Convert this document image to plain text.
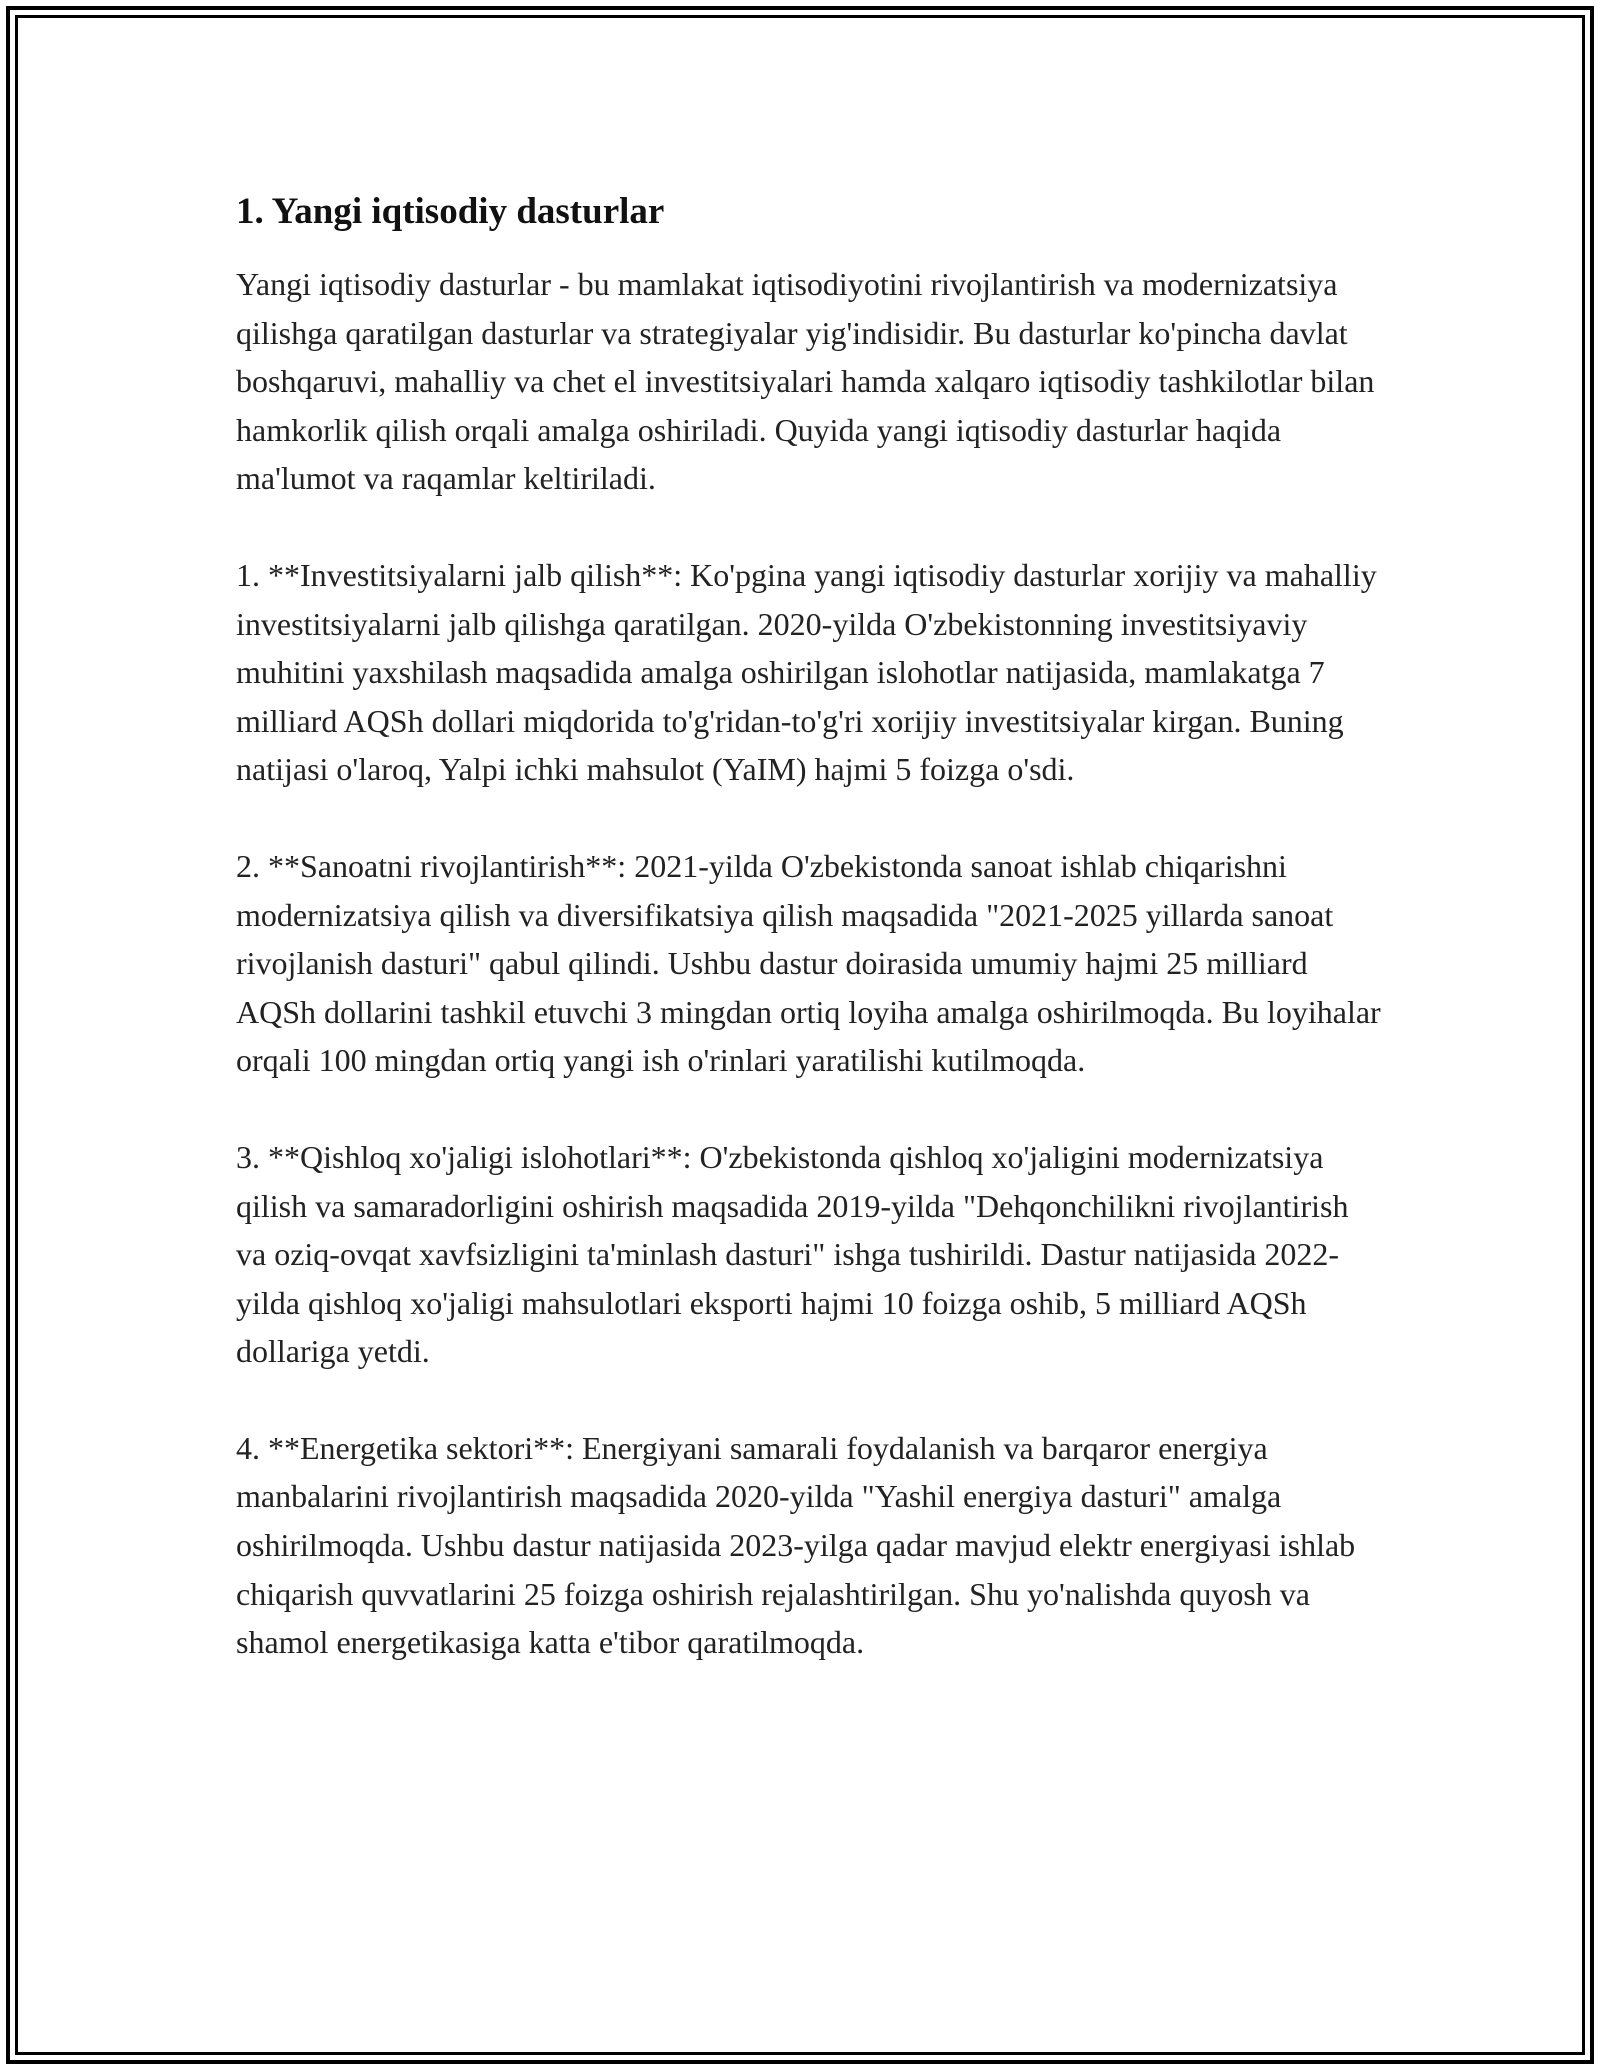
1. Yangi iqtisodiy dasturlar

Yangi iqtisodiy dasturlar - bu mamlakat iqtisodiyotini rivojlantirish va modernizatsiya qilishga qaratilgan dasturlar va strategiyalar yig'indisidir. Bu dasturlar ko'pincha davlat boshqaruvi, mahalliy va chet el investitsiyalari hamda xalqaro iqtisodiy tashkilotlar bilan hamkorlik qilish orqali amalga oshiriladi. Quyida yangi iqtisodiy dasturlar haqida ma'lumot va raqamlar keltiriladi.

1. **Investitsiyalarni jalb qilish**: Ko'pgina yangi iqtisodiy dasturlar xorijiy va mahalliy investitsiyalarni jalb qilishga qaratilgan. 2020-yilda O'zbekistonning investitsiyaviy muhitini yaxshilash maqsadida amalga oshirilgan islohotlar natijasida, mamlakatga 7 milliard AQSh dollari miqdorida to'g'ridan-to'g'ri xorijiy investitsiyalar kirgan. Buning natijasi o'laroq, Yalpi ichki mahsulot (YaIM) hajmi 5 foizga o'sdi.

2. **Sanoatni rivojlantirish**: 2021-yilda O'zbekistonda sanoat ishlab chiqarishni modernizatsiya qilish va diversifikatsiya qilish maqsadida "2021-2025 yillarda sanoat rivojlanish dasturi" qabul qilindi. Ushbu dastur doirasida umumiy hajmi 25 milliard AQSh dollarini tashkil etuvchi 3 mingdan ortiq loyiha amalga oshirilmoqda. Bu loyihalar orqali 100 mingdan ortiq yangi ish o'rinlari yaratilishi kutilmoqda.

3. **Qishloq xo'jaligi islohotlari**: O'zbekistonda qishloq xo'jaligini modernizatsiya qilish va samaradorligini oshirish maqsadida 2019-yilda "Dehqonchilikni rivojlantirish va oziq-ovqat xavfsizligini ta'minlash dasturi" ishga tushirildi. Dastur natijasida 2022-yilda qishloq xo'jaligi mahsulotlari eksporti hajmi 10 foizga oshib, 5 milliard AQSh dollariga yetdi.

4. **Energetika sektori**: Energiyani samarali foydalanish va barqaror energiya manbalarini rivojlantirish maqsadida 2020-yilda "Yashil energiya dasturi" amalga oshirilmoqda. Ushbu dastur natijasida 2023-yilga qadar mavjud elektr energiyasi ishlab chiqarish quvvatlarini 25 foizga oshirish rejalashtirilgan. Shu yo'nalishda quyosh va shamol energetikasiga katta e'tibor qaratilmoqda.
